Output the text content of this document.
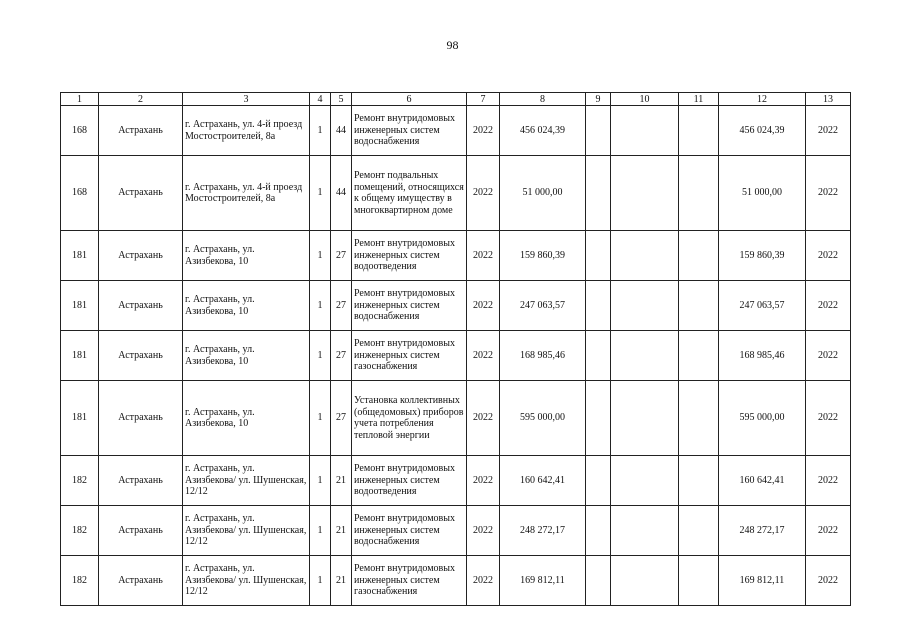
98
1	2	3	4	5	6	7	8	9	10	11	12	13
168	Астрахань	г. Астрахань, ул. 4-й проезд Мостостроителей, 8а	1	44	Ремонт внутридомовых инженерных систем водоснабжения	2022	456 024,39				456 024,39	2022
168	Астрахань	г. Астрахань, ул. 4-й проезд Мостостроителей, 8а	1	44	Ремонт подвальных помещений, относящихся к общему имуществу в многоквартирном доме	2022	51 000,00				51 000,00	2022
181	Астрахань	г. Астрахань, ул. Азизбекова, 10	1	27	Ремонт внутридомовых инженерных систем водоотведения	2022	159 860,39				159 860,39	2022
181	Астрахань	г. Астрахань, ул. Азизбекова, 10	1	27	Ремонт внутридомовых инженерных систем водоснабжения	2022	247 063,57				247 063,57	2022
181	Астрахань	г. Астрахань, ул. Азизбекова, 10	1	27	Ремонт внутридомовых инженерных систем газоснабжения	2022	168 985,46				168 985,46	2022
181	Астрахань	г. Астрахань, ул. Азизбекова, 10	1	27	Установка коллективных (общедомовых) приборов учета потребления тепловой энергии	2022	595 000,00				595 000,00	2022
182	Астрахань	г. Астрахань, ул. Азизбекова/ ул. Шушенская, 12/12	1	21	Ремонт внутридомовых инженерных систем водоотведения	2022	160 642,41				160 642,41	2022
182	Астрахань	г. Астрахань, ул. Азизбекова/ ул. Шушенская, 12/12	1	21	Ремонт внутридомовых инженерных систем водоснабжения	2022	248 272,17				248 272,17	2022
182	Астрахань	г. Астрахань, ул. Азизбекова/ ул. Шушенская, 12/12	1	21	Ремонт внутридомовых инженерных систем газоснабжения	2022	169 812,11				169 812,11	2022
